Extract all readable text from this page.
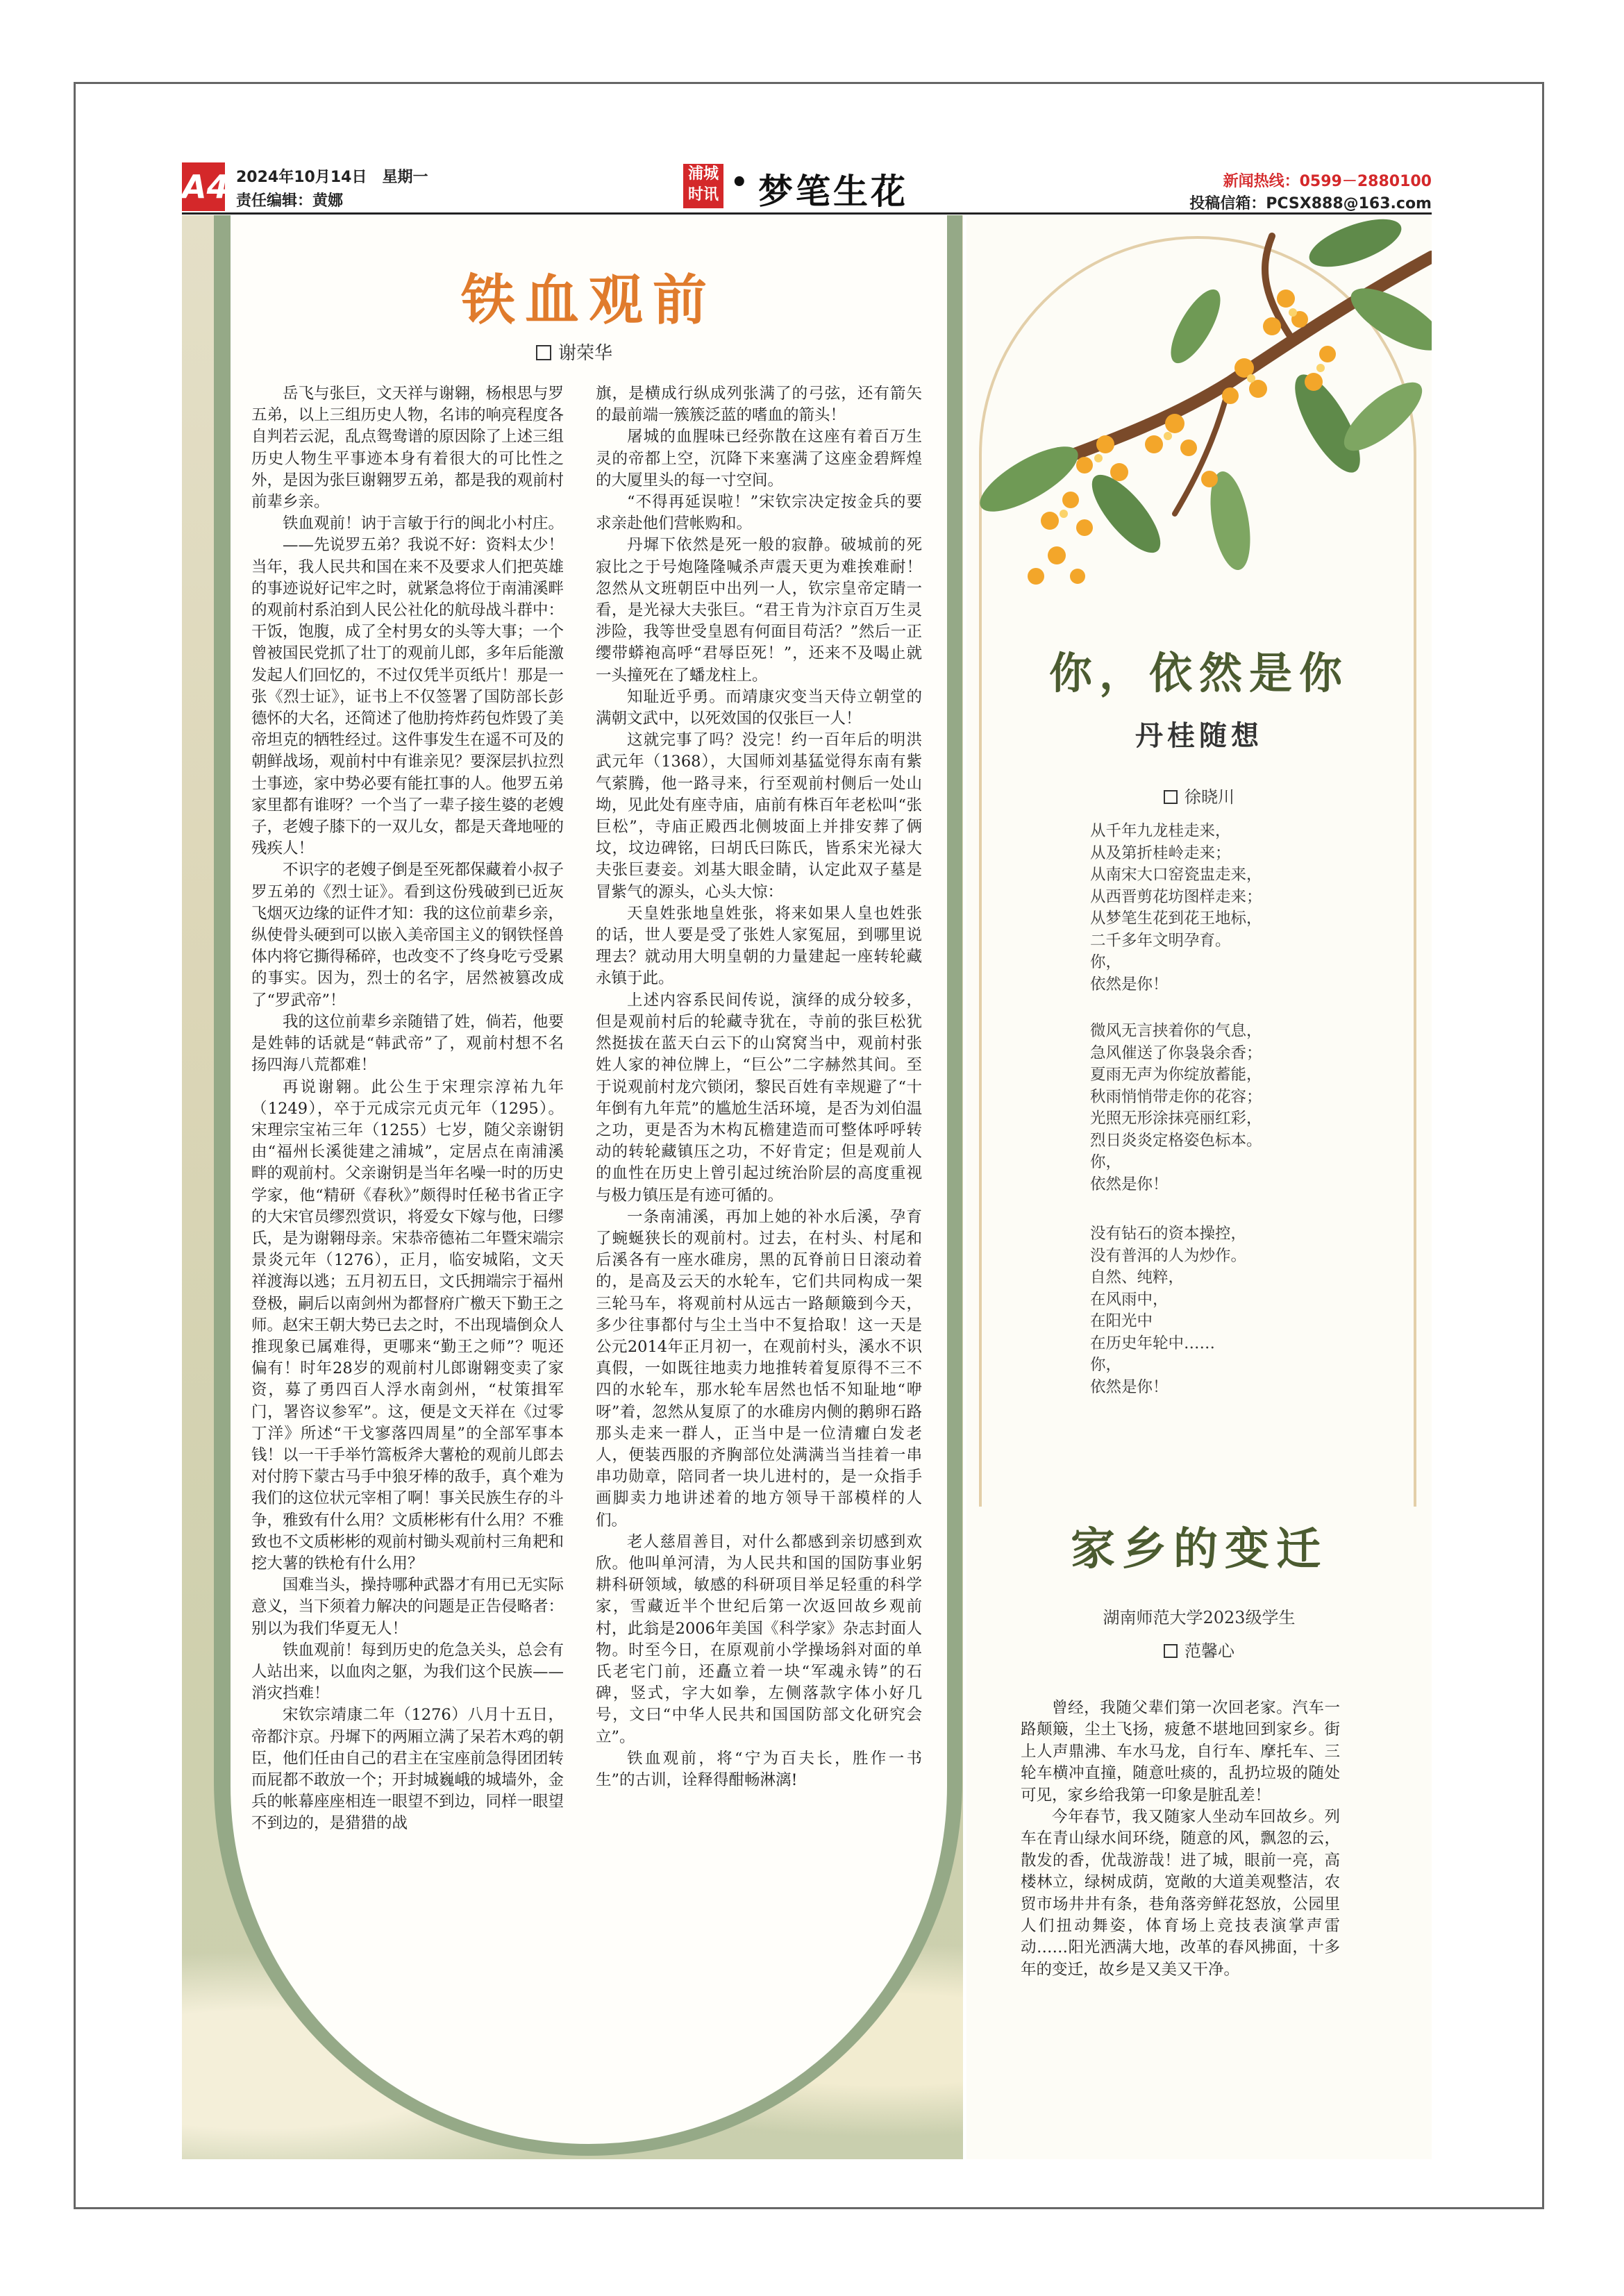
A4 2024年10月14日　星期一
责任编辑：黄娜
浦城
时讯 • 梦笔生花	新闻热线：0599－2880100
投稿信箱：PCSX888@163.com
铁血观前
谢荣华

岳飞与张巨，文天祥与谢翱，杨根思与罗五弟，以上三组历史人物，名讳的响亮程度各自判若云泥，乱点鸳鸯谱的原因除了上述三组历史人物生平事迹本身有着很大的可比性之外，是因为张巨谢翱罗五弟，都是我的观前村前辈乡亲。

铁血观前！讷于言敏于行的闽北小村庄。

——先说罗五弟？我说不好：资料太少！当年，我人民共和国在来不及要求人们把英雄的事迹说好记牢之时，就紧急将位于南浦溪畔的观前村系泊到人民公社化的航母战斗群中：干饭，饱腹，成了全村男女的头等大事；一个曾被国民党抓了壮丁的观前儿郎，多年后能激发起人们回忆的，不过仅凭半页纸片！那是一张《烈士证》，证书上不仅签署了国防部长彭德怀的大名，还简述了他肋挎炸药包炸毁了美帝坦克的牺牲经过。这件事发生在遥不可及的朝鲜战场，观前村中有谁亲见？要深层扒拉烈士事迹，家中势必要有能扛事的人。他罗五弟家里都有谁呀？一个当了一辈子接生婆的老嫂子，老嫂子膝下的一双儿女，都是天聋地哑的残疾人！

不识字的老嫂子倒是至死都保藏着小叔子罗五弟的《烈士证》。看到这份残破到已近灰飞烟灭边缘的证件才知：我的这位前辈乡亲，纵使骨头硬到可以嵌入美帝国主义的钢铁怪兽体内将它撕得稀碎，也改变不了终身吃亏受累的事实。因为，烈士的名字，居然被篡改成了“罗武帝”！

我的这位前辈乡亲随错了姓，倘若，他要是姓韩的话就是“韩武帝”了，观前村想不名扬四海八荒都难！

再说谢翱。此公生于宋理宗淳祐九年（1249），卒于元成宗元贞元年（1295）。宋理宗宝祐三年（1255）七岁，随父亲谢钥由“福州长溪徙建之浦城”，定居点在南浦溪畔的观前村。父亲谢钥是当年名噪一时的历史学家，他“精研《春秋》”颇得时任秘书省正字的大宋官员缪烈赏识，将爱女下嫁与他，曰缪氏，是为谢翱母亲。宋恭帝德祐二年暨宋端宗景炎元年（1276），正月，临安城陷，文天祥渡海以逃；五月初五日，文氏拥端宗于福州登极，嗣后以南剑州为都督府广檄天下勤王之师。赵宋王朝大势已去之时，不出现墙倒众人推现象已属难得，更哪来“勤王之师”？呃还偏有！时年28岁的观前村儿郎谢翱变卖了家资，募了勇四百人浮水南剑州，“杖策揖军门，署咨议参军”。这，便是文天祥在《过零丁洋》所述“干戈寥落四周星”的全部军事本钱！以一干手举竹篙板斧大薯枪的观前儿郎去对付胯下蒙古马手中狼牙棒的敌手，真个难为我们的这位状元宰相了啊！事关民族生存的斗争，雅致有什么用？文质彬彬有什么用？不雅致也不文质彬彬的观前村锄头观前村三角耙和挖大薯的铁枪有什么用？

国难当头，操持哪种武器才有用已无实际意义，当下须着力解决的问题是正告侵略者：别以为我们华夏无人！

铁血观前！每到历史的危急关头，总会有人站出来，以血肉之躯，为我们这个民族——消灾挡难！

宋钦宗靖康二年（1276）八月十五日，帝都汴京。丹墀下的两厢立满了呆若木鸡的朝臣，他们任由自己的君主在宝座前急得团团转而屁都不敢放一个；开封城巍峨的城墙外，金兵的帐幕座座相连一眼望不到边，同样一眼望不到边的，是猎猎的战

旗，是横成行纵成列张满了的弓弦，还有箭矢的最前端一簇簇泛蓝的嗜血的箭头！

屠城的血腥味已经弥散在这座有着百万生灵的帝都上空，沉降下来塞满了这座金碧辉煌的大厦里头的每一寸空间。

“不得再延误啦！”宋钦宗决定按金兵的要求亲赴他们营帐购和。

丹墀下依然是死一般的寂静。破城前的死寂比之于号炮隆隆喊杀声震天更为难挨难耐！忽然从文班朝臣中出列一人，钦宗皇帝定睛一看，是光禄大夫张巨。“君王肯为汴京百万生灵涉险，我等世受皇恩有何面目苟活？”然后一正缨带蟒袍高呼“君辱臣死！”，还来不及喝止就一头撞死在了蟠龙柱上。

知耻近乎勇。而靖康灾变当天侍立朝堂的满朝文武中，以死效国的仅张巨一人！

这就完事了吗？没完！约一百年后的明洪武元年（1368），大国师刘基猛觉得东南有紫气萦腾，他一路寻来，行至观前村侧后一处山坳，见此处有座寺庙，庙前有株百年老松叫“张巨松”，寺庙正殿西北侧坡面上并排安葬了俩坟，坟边碑铭，曰胡氏曰陈氏，皆系宋光禄大夫张巨妻妾。刘基大眼金睛，认定此双子墓是冒紫气的源头，心头大惊：

天皇姓张地皇姓张，将来如果人皇也姓张的话，世人要是受了张姓人家冤屈，到哪里说理去？就动用大明皇朝的力量建起一座转轮藏永镇于此。

上述内容系民间传说，演绎的成分较多，但是观前村后的轮藏寺犹在，寺前的张巨松犹然挺拔在蓝天白云下的山窝窝当中，观前村张姓人家的神位牌上，“巨公”二字赫然其间。至于说观前村龙穴锁闭，黎民百姓有幸规避了“十年倒有九年荒”的尴尬生活环境，是否为刘伯温之功，更是否为木构瓦檐建造而可整体呼呼转动的转轮藏镇压之功，不好肯定；但是观前人的血性在历史上曾引起过统治阶层的高度重视与极力镇压是有迹可循的。

一条南浦溪，再加上她的补水后溪，孕育了蜿蜒狭长的观前村。过去，在村头、村尾和后溪各有一座水碓房，黑的瓦脊前日日滚动着的，是高及云天的水轮车，它们共同构成一架三轮马车，将观前村从远古一路颠簸到今天，多少往事都付与尘土当中不复拾取！这一天是公元2014年正月初一，在观前村头，溪水不识真假，一如既往地卖力地推转着复原得不三不四的水轮车，那水轮车居然也恬不知耻地“咿呀”着，忽然从复原了的水碓房内侧的鹅卵石路那头走来一群人，正当中是一位清癯白发老人，便装西服的齐胸部位处满满当当挂着一串串功勋章，陪同者一块儿进村的，是一众指手画脚卖力地讲述着的地方领导干部模样的人们。

老人慈眉善目，对什么都感到亲切感到欢欣。他叫单河清，为人民共和国的国防事业躬耕科研领域，敏感的科研项目举足轻重的科学家，雪藏近半个世纪后第一次返回故乡观前村，此翁是2006年美国《科学家》杂志封面人物。时至今日，在原观前小学操场斜对面的单氏老宅门前，还矗立着一块“军魂永铸”的石碑，竖式，字大如拳，左侧落款字体小好几号，文曰“中华人民共和国国防部文化研究会立”。

铁血观前，将“宁为百夫长，胜作一书生”的古训，诠释得酣畅淋漓!

你，依然是你
丹桂随想
徐晓川
从千年九龙桂走来，
从及第折桂岭走来；
从南宋大口窑瓷盅走来，
从西晋剪花坊图样走来；
从梦笔生花到花王地标，
二千多年文明孕育。
你，
依然是你！
微风无言挟着你的气息，
急风催送了你袅袅余香；
夏雨无声为你绽放蓄能，
秋雨悄悄带走你的花容；
光照无形涂抹亮丽红彩，
烈日炎炎定格姿色标本。
你，
依然是你！
没有钻石的资本操控，
没有普洱的人为炒作。
自然、纯粹，
在风雨中，
在阳光中
在历史年轮中……
你，
依然是你！
家乡的变迁
湖南师范大学2023级学生
范馨心

曾经，我随父辈们第一次回老家。汽车一路颠簸，尘土飞扬，疲惫不堪地回到家乡。街上人声鼎沸、车水马龙，自行车、摩托车、三轮车横冲直撞，随意吐痰的，乱扔垃圾的随处可见，家乡给我第一印象是脏乱差！

今年春节，我又随家人坐动车回故乡。列车在青山绿水间环绕，随意的风，飘忽的云，散发的香，优哉游哉！进了城，眼前一亮，高楼林立，绿树成荫，宽敞的大道美观整洁，农贸市场井井有条，巷角落旁鲜花怒放，公园里人们扭动舞姿，体育场上竞技表演掌声雷动……阳光洒满大地，改革的春风拂面，十多年的变迁，故乡是又美又干净。
